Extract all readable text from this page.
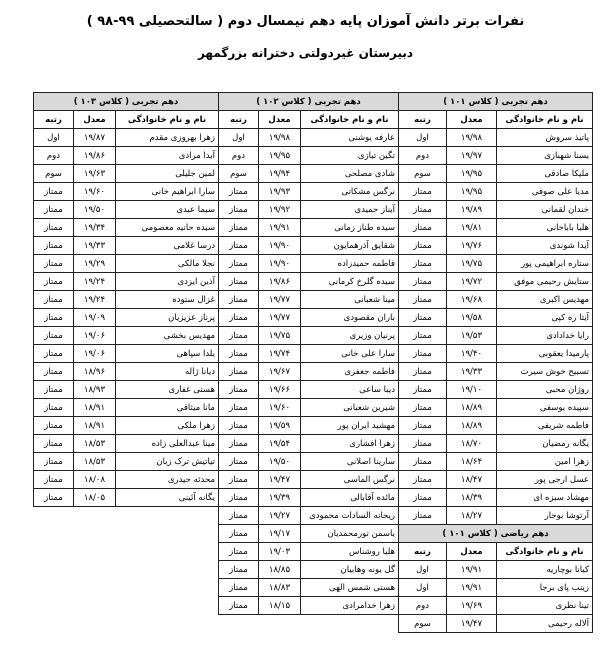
نفرات برتر دانش آموزان پایه دهم نیمسال دوم ( سالتحصیلی ۹۹-۹۸ )
دبیرستان غیردولتی دخترانه بزرگمهر
دهم تجربی ( کلاس ۱۰۱ )		
نام و نام خانوادگی	معدل	رتبه
پاتیذ سروش	۱۹/۹۸	اول
یسنا شهبازی	۱۹/۹۷	دوم
ملیکا صادقی	۱۹/۹۵	سوم
مدیا علی صوفی	۱۹/۹۵	ممتاز
خندان لقمانی	۱۹/۸۹	ممتاز
هلیا باباخانی	۱۹/۸۱	ممتاز
آیدا شوندی	۱۹/۷۶	ممتاز
ستاره ابراهیمی پور	۱۹/۷۵	ممتاز
ستایش رحیمی موفق	۱۹/۷۲	ممتاز
مهدیس اکبری	۱۹/۶۸	ممتاز
آیتا ره کپی	۱۹/۵۸	ممتاز
رایا خدادادی	۱۹/۵۳	ممتاز
پارمیدا یعقوبی	۱۹/۴۰	ممتاز
تسبیح خوش سیرت	۱۹/۳۳	ممتاز
روژان محبی	۱۹/۱۰	ممتاز
سپیده یوسفی	۱۸/۸۹	ممتاز
فاطمه شریفی	۱۸/۸۹	ممتاز
یگانه رمضیان	۱۸/۷۰	ممتاز
زهرا امین	۱۸/۶۴	ممتاز
عسل ارجی پور	۱۸/۴۷	ممتاز
مهشاد سبزه ای	۱۸/۳۹	ممتاز
آرتوشا بوجار	۱۸/۲۷	ممتاز
دهم تجربی ( کلاس ۱۰۲ )		
نام و نام خانوادگی	معدل	رتبه
عارفه یوشنی	۱۹/۹۸	اول
تگین تیازی	۱۹/۹۵	دوم
شادی مصلحی	۱۹/۹۴	سوم
نرگس مشکاتی	۱۹/۹۳	ممتاز
آیناز حمیدی	۱۹/۹۲	ممتاز
سیده طناز زمانی	۱۹/۹۱	ممتاز
شقایق آذرهمایون	۱۹/۹۰	ممتاز
فاطمه حمیدزاده	۱۹/۹۰	ممتاز
سیده گلرخ کرمانی	۱۹/۸۶	ممتاز
مینا شعبانی	۱۹/۷۷	ممتاز
باران مقصودی	۱۹/۷۷	ممتاز
پرنیان وزیری	۱۹/۷۵	ممتاز
سارا علی خانی	۱۹/۷۴	ممتاز
فاطمه جعفری	۱۹/۶۷	ممتاز
دیبا ساعی	۱۹/۶۶	ممتاز
شیرین شعبانی	۱۹/۶۰	ممتاز
مهشید ایران پور	۱۹/۵۹	ممتاز
زهرا افشاری	۱۹/۵۴	ممتاز
سارینا اصلانی	۱۹/۵۰	ممتاز
نرگس الماسی	۱۹/۴۷	ممتاز
مائده آقابالی	۱۹/۳۹	ممتاز
ریحانه السادات محمودی	۱۹/۲۷	ممتاز
یاسمن تورمحمدیان	۱۹/۱۷	ممتاز
هلیا روشناس	۱۹/۰۳	ممتاز
گل یونه وهابیان	۱۸/۸۵	ممتاز
هستی شمس الهی	۱۸/۸۳	ممتاز
زهرا خدامرادی	۱۸/۱۵	ممتاز
دهم تجربی ( کلاس ۱۰۳ )		
نام و نام خانوادگی	معدل	رتبه
زهرا بهروزی مقدم	۱۹/۸۷	اول
آیدا مرادی	۱۹/۸۶	دوم
لمین جلیلی	۱۹/۶۳	سوم
سارا ابراهیم خانی	۱۹/۶۰	ممتاز
سیما عبدی	۱۹/۵۰	ممتاز
سیده حانیه معصومی	۱۹/۳۴	ممتاز
درسا غلامی	۱۹/۳۳	ممتاز
نجلا مالکی	۱۹/۲۹	ممتاز
آذین ایزدی	۱۹/۲۴	ممتاز
غزال ستوده	۱۹/۲۴	ممتاز
پرناز عزیزیان	۱۹/۰۹	ممتاز
مهدیس بخشی	۱۹/۰۶	ممتاز
یلدا سپاهی	۱۹/۰۶	ممتاز
دیانا ژاله	۱۸/۹۶	ممتاز
هستی غفاری	۱۸/۹۳	ممتاز
مانا میثاقی	۱۸/۹۱	ممتاز
زهرا ملکی	۱۸/۹۱	ممتاز
مینا عبدالعلی زاده	۱۸/۵۳	ممتاز
تیاتیش ترک زبان	۱۸/۵۳	ممتاز
محدثه حیدری	۱۸/۰۸	ممتاز
یگانه آئینی	۱۸/۰۵	ممتاز
دهم ریاضی ( کلاس ۱۰۱ )		
نام و نام خانوادگی	معدل	رتبه
کیانا بوچاریه	۱۹/۹۱	اول
زینب پای برجا	۱۹/۹۱	اول
تینا نظری	۱۹/۶۹	دوم
آلاله رحیمی	۱۹/۴۷	سوم
